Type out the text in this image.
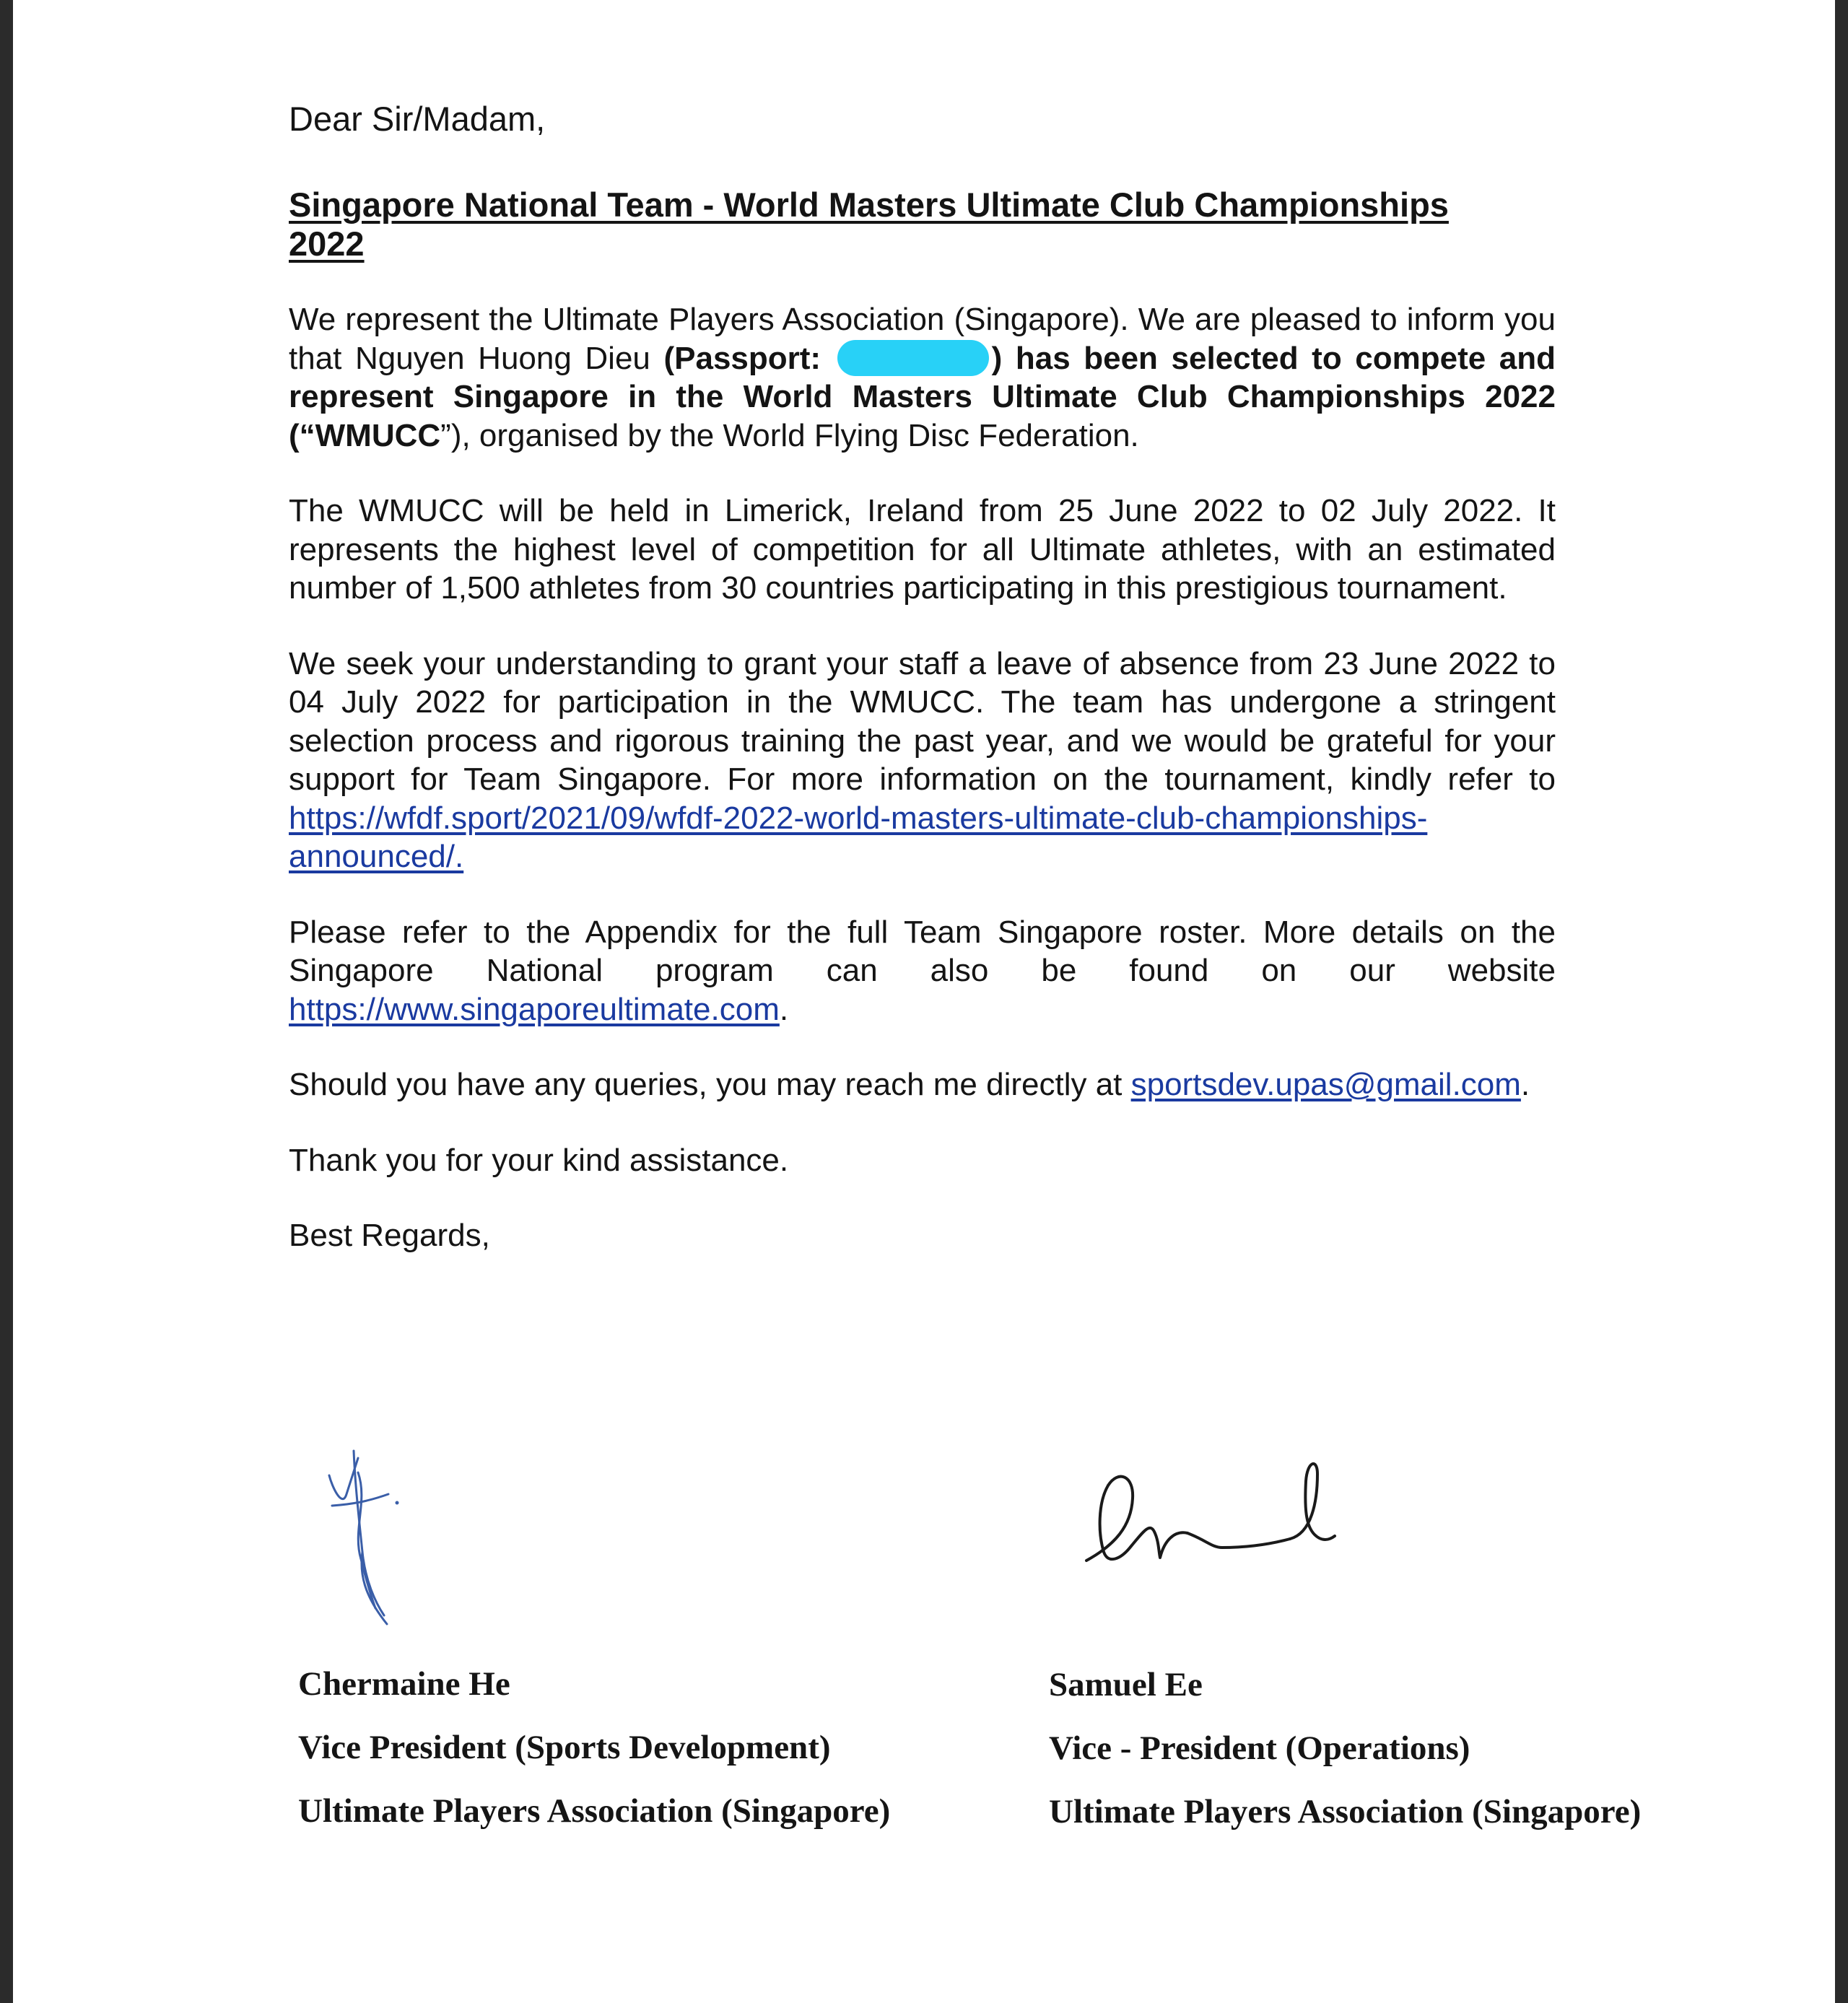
Dear Sir/Madam,
Singapore National Team - World Masters Ultimate Club Championships
2022

We represent the Ultimate Players Association (Singapore). We are pleased to inform you that Nguyen Huong Dieu (Passport:	) has been selected to compete and represent Singapore in the World Masters Ultimate Club Championships 2022 (“WMUCC”), organised by the World Flying Disc Federation.

The WMUCC will be held in Limerick, Ireland from 25 June 2022 to 02 July 2022. It represents the highest level of competition for all Ultimate athletes, with an estimated number of 1,500 athletes from 30 countries participating in this prestigious tournament.

We seek your understanding to grant your staff a leave of absence from 23 June 2022 to 04 July 2022 for participation in the WMUCC. The team has undergone a stringent selection process and rigorous training the past year, and we would be grateful for your support for Team Singapore. For more information on the tournament, kindly refer to https://wfdf.sport/2021/09/wfdf-2022-world-masters-ultimate-club-championships-announced/.

Please refer to the Appendix for the full Team Singapore roster. More details on the Singapore National program can also be found on our website https://www.singaporeultimate.com.

Should you have any queries, you may reach me directly at sportsdev.upas@gmail.com.

Thank you for your kind assistance.

Best Regards,

Chermaine He
Vice President (Sports Development)
Ultimate Players Association (Singapore)
Samuel Ee
Vice - President (Operations)
Ultimate Players Association (Singapore)
